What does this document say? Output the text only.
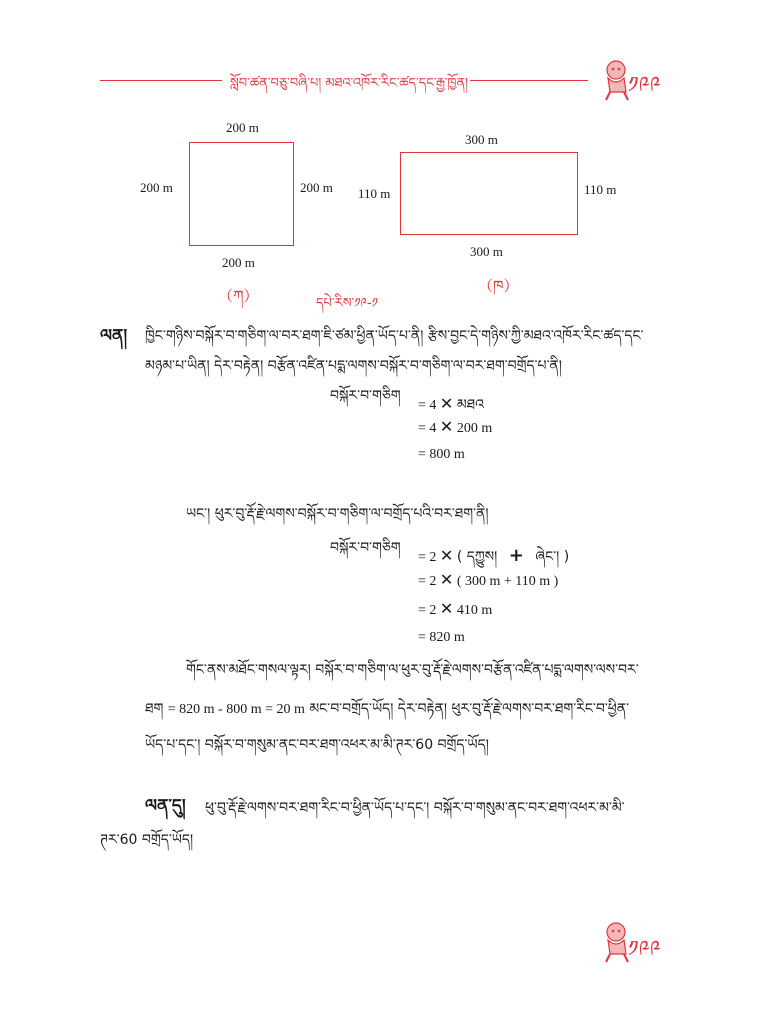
སློབ་ཚན་བཅུ་བཞི་པ། མཐའ་འཁོར་རིང་ཚད་དང་རྒྱ་ཁྱོན།	༡༩༩
200 m
200 m	200 m
200 m
（ཀ）
300 m
110 m	110 m
300 m
（ཁ）
དཔེ་རིས་༡༩-༡
ལན། ཁྱིང་གཉིས་བསྐོར་བ་གཅིག་ལ་བར་ཐག་ཇི་ཙམ་ཕྱིན་ཡོད་པ་ནི། རྩིས་བྱང་དེ་གཉིས་ཀྱི་མཐའ་འཁོར་རིང་ཚད་དང་
མཉམ་པ་ཡིན། དེར་བརྟེན། བརྩོན་འཛིན་པདྨ་ལགས་བསྐོར་བ་གཅིག་ལ་བར་ཐག་བགྲོད་པ་ནི།
བསྐོར་བ་གཅིག
= 4 ✕ མཐའ
= 4 ✕ 200 m
= 800 m
ཡང་། ཕུར་བུ་རྡོ་རྗེ་ལགས་བསྐོར་བ་གཅིག་ལ་བགྲོད་པའི་བར་ཐག་ནི།
བསྐོར་བ་གཅིག
= 2 ✕ ( དཀྱུས། + ཞེང་། )
= 2 ✕ ( 300 m + 110 m )
= 2 ✕ 410 m
= 820 m
གོང་ནས་མཐོང་གསལ་ལྟར། བསྐོར་བ་གཅིག་ལ་ཕུར་བུ་རྡོ་རྗེ་ལགས་བརྩོན་འཛིན་པདྨ་ལགས་ལས་བར་
ཐག = 820 m - 800 m = 20 m མང་བ་བགྲོད་ཡོད། དེར་བརྟེན། ཕུར་བུ་རྡོ་རྗེ་ལགས་བར་ཐག་རིང་བ་ཕྱིན་
ཡོད་པ་དང་། བསྐོར་བ་གསུམ་ནང་བར་ཐག་འཕར་མ་མི་ཊར་60 བགྲོད་ཡོད།
ལན་དུ། ཕུ་བུ་རྡོ་རྗེ་ལགས་བར་ཐག་རིང་བ་ཕྱིན་ཡོད་པ་དང་། བསྐོར་བ་གསུམ་ནང་བར་ཐག་འཕར་མ་མི་
ཊར་60 བགྲོད་ཡོད།
༡༩༩
